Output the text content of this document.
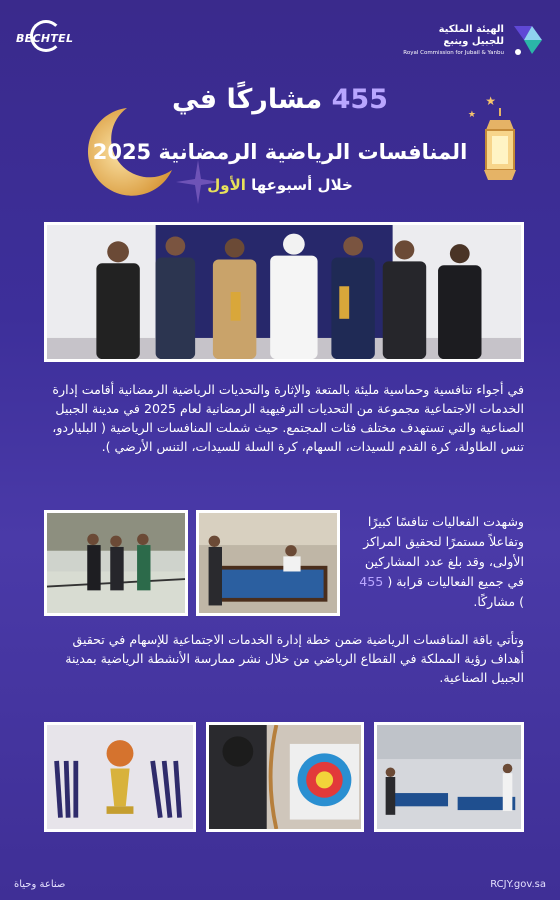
BECHTEL
الهيئة الملكية
للجبيل وينبع
Royal Commission for Jubail & Yanbu
★
★
455 مشاركًا في
المنافسات الرياضية الرمضانية 2025
خلال أسبوعها الأول
في أجواء تنافسية وحماسية مليئة بالمتعة والإثارة والتحديات الرياضية الرمضانية أقامت إدارة الخدمات الاجتماعية مجموعة من التحديات الترفيهية الرمضانية لعام 2025 في مدينة الجبيل الصناعية والتي تستهدف مختلف فئات المجتمع. حيث شملت المنافسات الرياضية ( البلياردو، تنس الطاولة، كرة القدم للسيدات، السهام، كرة السلة للسيدات، التنس الأرضي ).
وشهدت الفعاليات تنافسًا كبيرًا وتفاعلاً مستمرًا لتحقيق المراكز الأولى، وقد بلغ عدد المشاركين في جميع الفعاليات قرابة ( 455 ) مشاركًا.
وتأتي باقة المنافسات الرياضية ضمن خطة إدارة الخدمات الاجتماعية للإسهام في تحقيق أهداف رؤية المملكة في القطاع الرياضي من خلال نشر ممارسة الأنشطة الرياضية بمدينة الجبيل الصناعية.
صناعة وحياة	RCJY.gov.sa
